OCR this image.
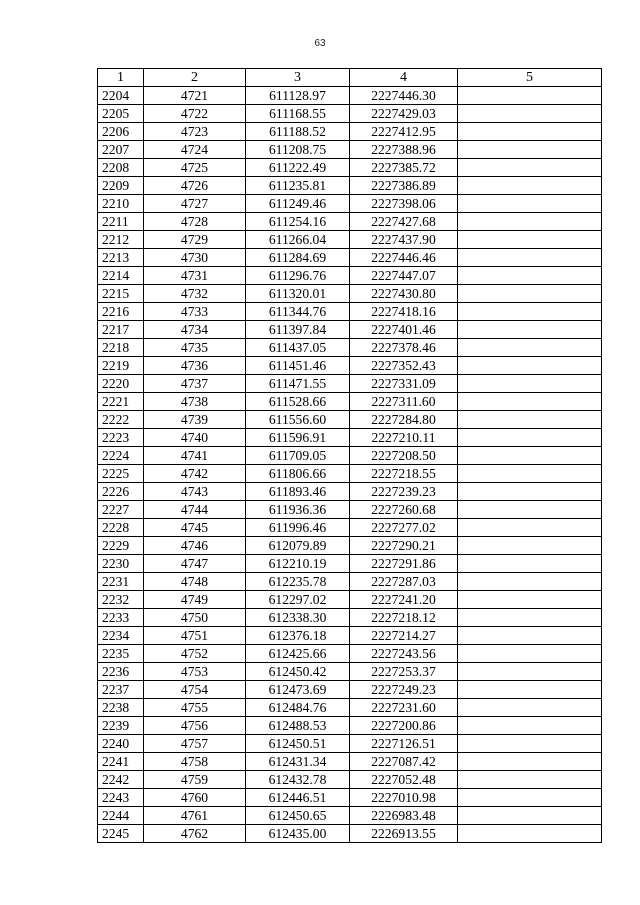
63
1	2	3	4	5
2204	4721	611128.97	2227446.30	
2205	4722	611168.55	2227429.03	
2206	4723	611188.52	2227412.95	
2207	4724	611208.75	2227388.96	
2208	4725	611222.49	2227385.72	
2209	4726	611235.81	2227386.89	
2210	4727	611249.46	2227398.06	
2211	4728	611254.16	2227427.68	
2212	4729	611266.04	2227437.90	
2213	4730	611284.69	2227446.46	
2214	4731	611296.76	2227447.07	
2215	4732	611320.01	2227430.80	
2216	4733	611344.76	2227418.16	
2217	4734	611397.84	2227401.46	
2218	4735	611437.05	2227378.46	
2219	4736	611451.46	2227352.43	
2220	4737	611471.55	2227331.09	
2221	4738	611528.66	2227311.60	
2222	4739	611556.60	2227284.80	
2223	4740	611596.91	2227210.11	
2224	4741	611709.05	2227208.50	
2225	4742	611806.66	2227218.55	
2226	4743	611893.46	2227239.23	
2227	4744	611936.36	2227260.68	
2228	4745	611996.46	2227277.02	
2229	4746	612079.89	2227290.21	
2230	4747	612210.19	2227291.86	
2231	4748	612235.78	2227287.03	
2232	4749	612297.02	2227241.20	
2233	4750	612338.30	2227218.12	
2234	4751	612376.18	2227214.27	
2235	4752	612425.66	2227243.56	
2236	4753	612450.42	2227253.37	
2237	4754	612473.69	2227249.23	
2238	4755	612484.76	2227231.60	
2239	4756	612488.53	2227200.86	
2240	4757	612450.51	2227126.51	
2241	4758	612431.34	2227087.42	
2242	4759	612432.78	2227052.48	
2243	4760	612446.51	2227010.98	
2244	4761	612450.65	2226983.48	
2245	4762	612435.00	2226913.55	
